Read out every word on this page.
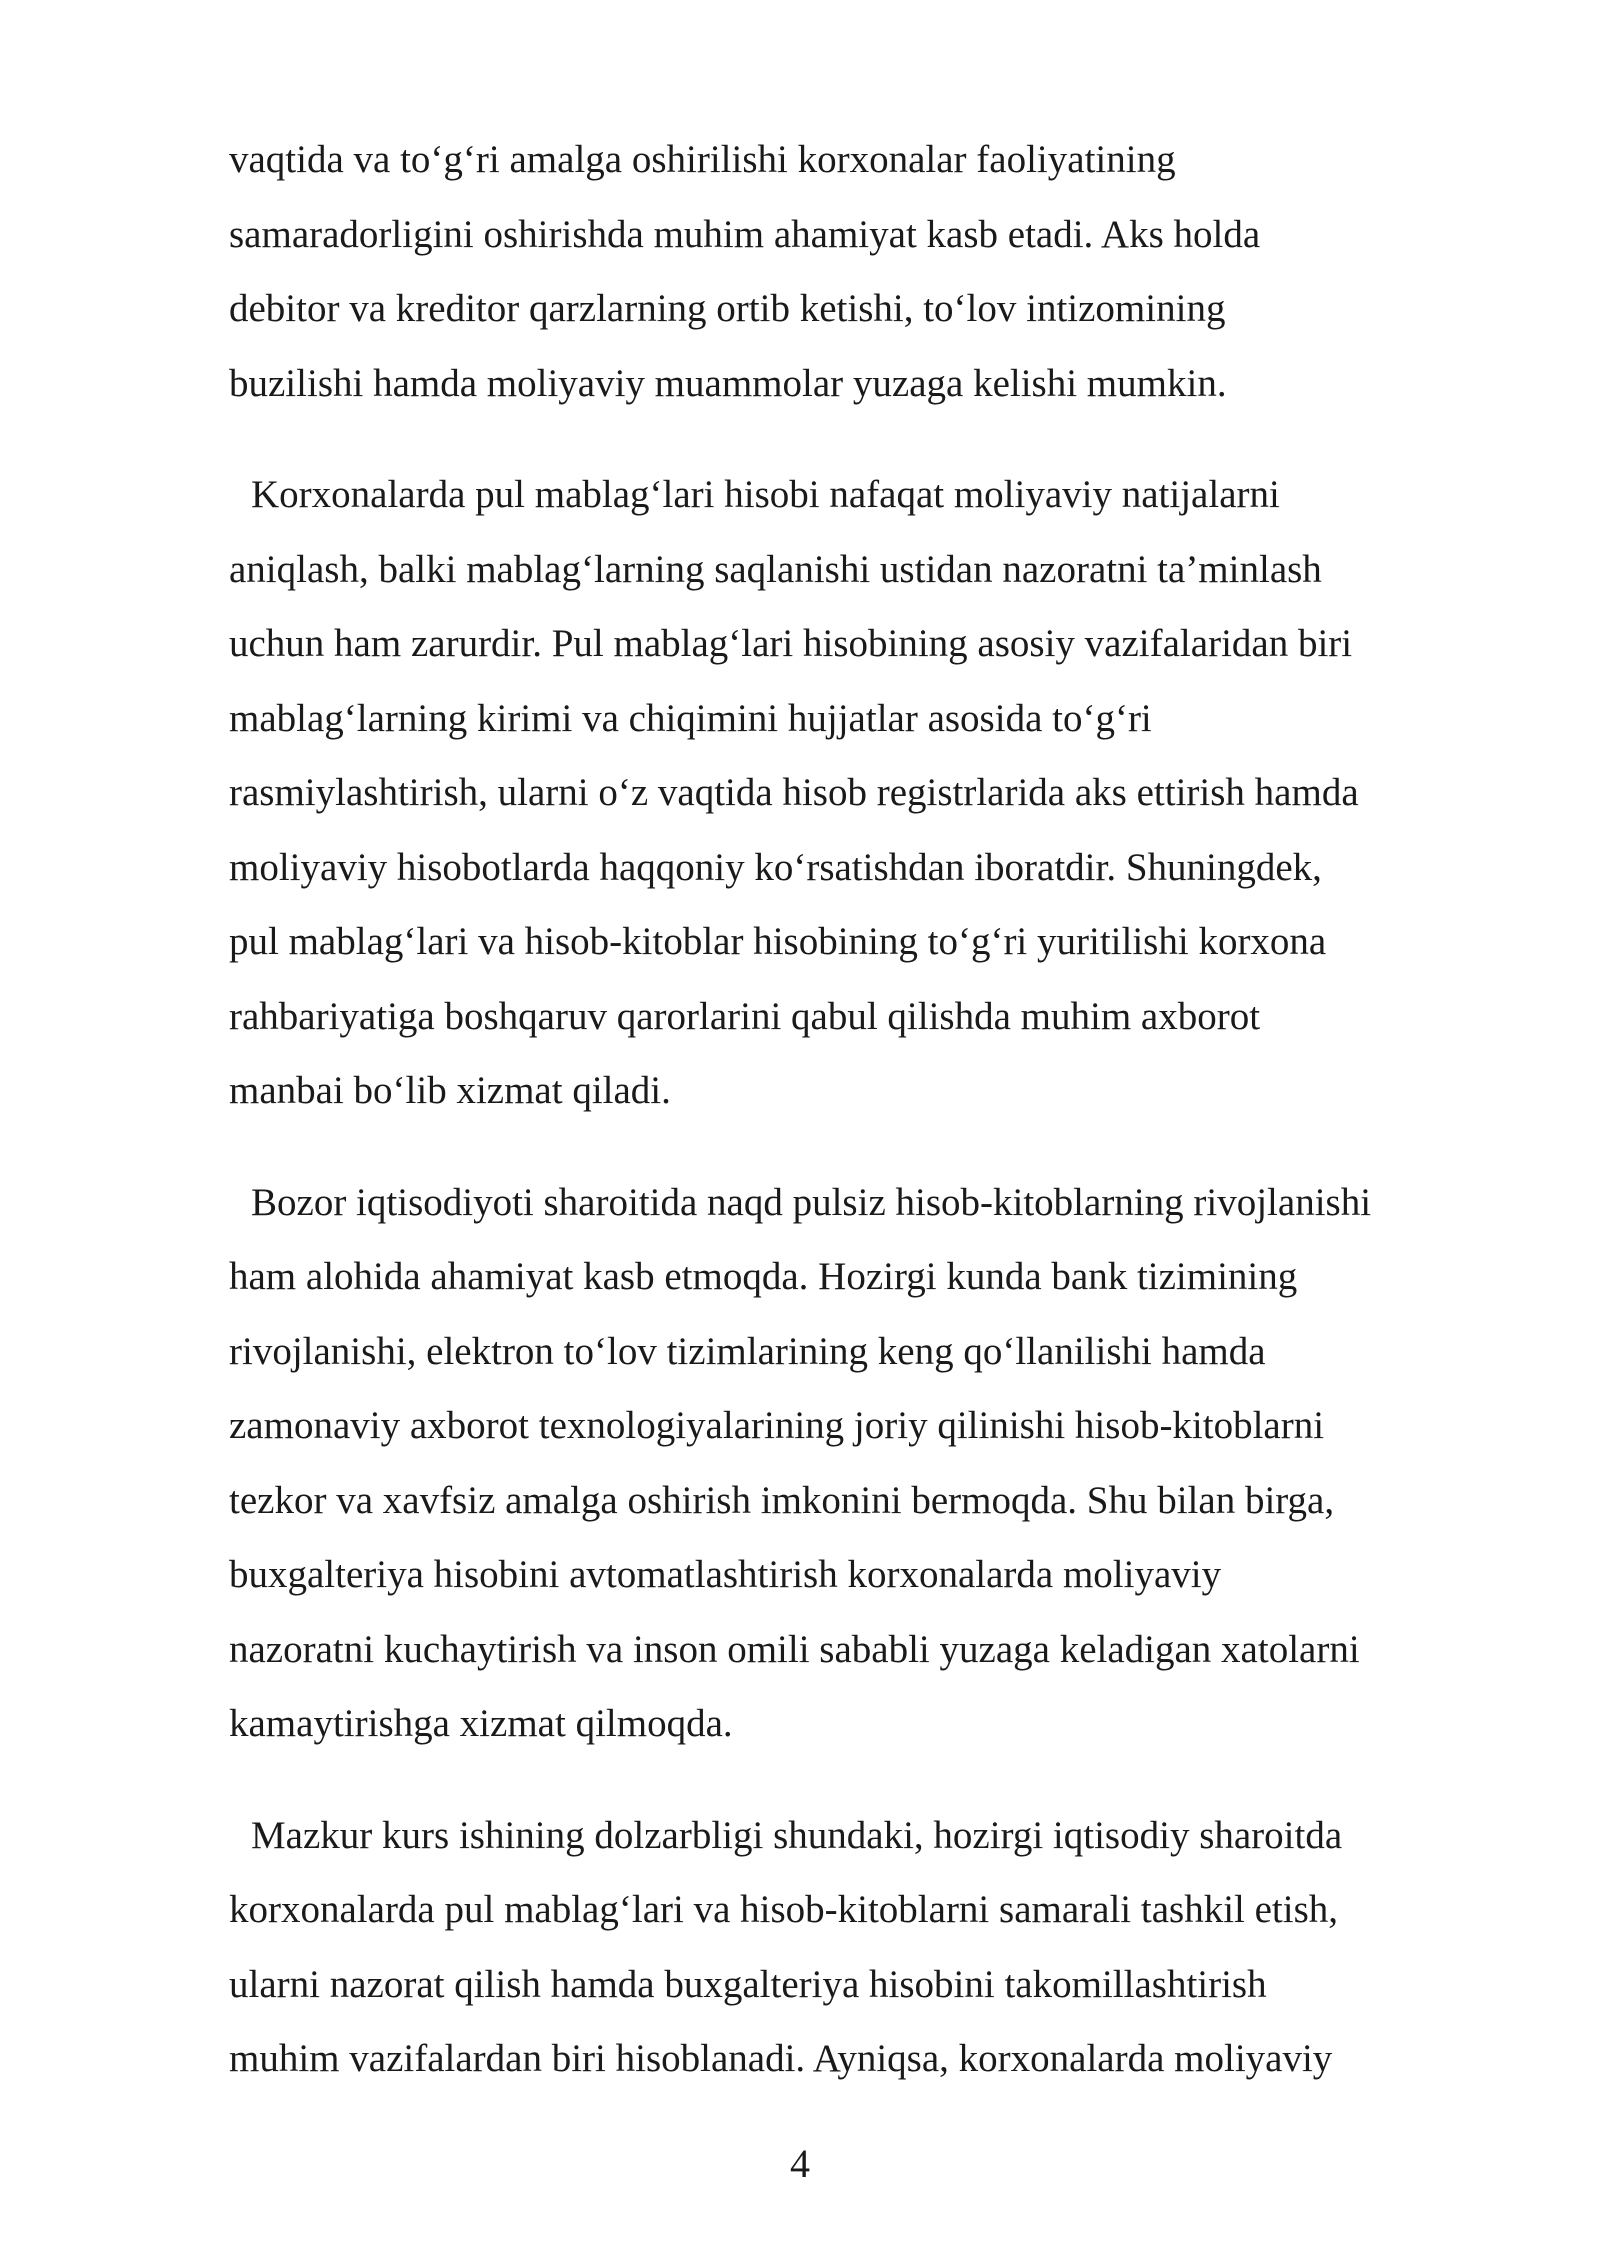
vaqtida va to‘g‘ri amalga oshirilishi korxonalar faoliyatining
samaradorligini oshirishda muhim ahamiyat kasb etadi. Aks holda
debitor va kreditor qarzlarning ortib ketishi, to‘lov intizomining
buzilishi hamda moliyaviy muammolar yuzaga kelishi mumkin.
Korxonalarda pul mablag‘lari hisobi nafaqat moliyaviy natijalarni
aniqlash, balki mablag‘larning saqlanishi ustidan nazoratni ta’minlash
uchun ham zarurdir. Pul mablag‘lari hisobining asosiy vazifalaridan biri
mablag‘larning kirimi va chiqimini hujjatlar asosida to‘g‘ri
rasmiylashtirish, ularni o‘z vaqtida hisob registrlarida aks ettirish hamda
moliyaviy hisobotlarda haqqoniy ko‘rsatishdan iboratdir. Shuningdek,
pul mablag‘lari va hisob-kitoblar hisobining to‘g‘ri yuritilishi korxona
rahbariyatiga boshqaruv qarorlarini qabul qilishda muhim axborot
manbai bo‘lib xizmat qiladi.
Bozor iqtisodiyoti sharoitida naqd pulsiz hisob-kitoblarning rivojlanishi
ham alohida ahamiyat kasb etmoqda. Hozirgi kunda bank tizimining
rivojlanishi, elektron to‘lov tizimlarining keng qo‘llanilishi hamda
zamonaviy axborot texnologiyalarining joriy qilinishi hisob-kitoblarni
tezkor va xavfsiz amalga oshirish imkonini bermoqda. Shu bilan birga,
buxgalteriya hisobini avtomatlashtirish korxonalarda moliyaviy
nazoratni kuchaytirish va inson omili sababli yuzaga keladigan xatolarni
kamaytirishga xizmat qilmoqda.
Mazkur kurs ishining dolzarbligi shundaki, hozirgi iqtisodiy sharoitda
korxonalarda pul mablag‘lari va hisob-kitoblarni samarali tashkil etish,
ularni nazorat qilish hamda buxgalteriya hisobini takomillashtirish
muhim vazifalardan biri hisoblanadi. Ayniqsa, korxonalarda moliyaviy
4
